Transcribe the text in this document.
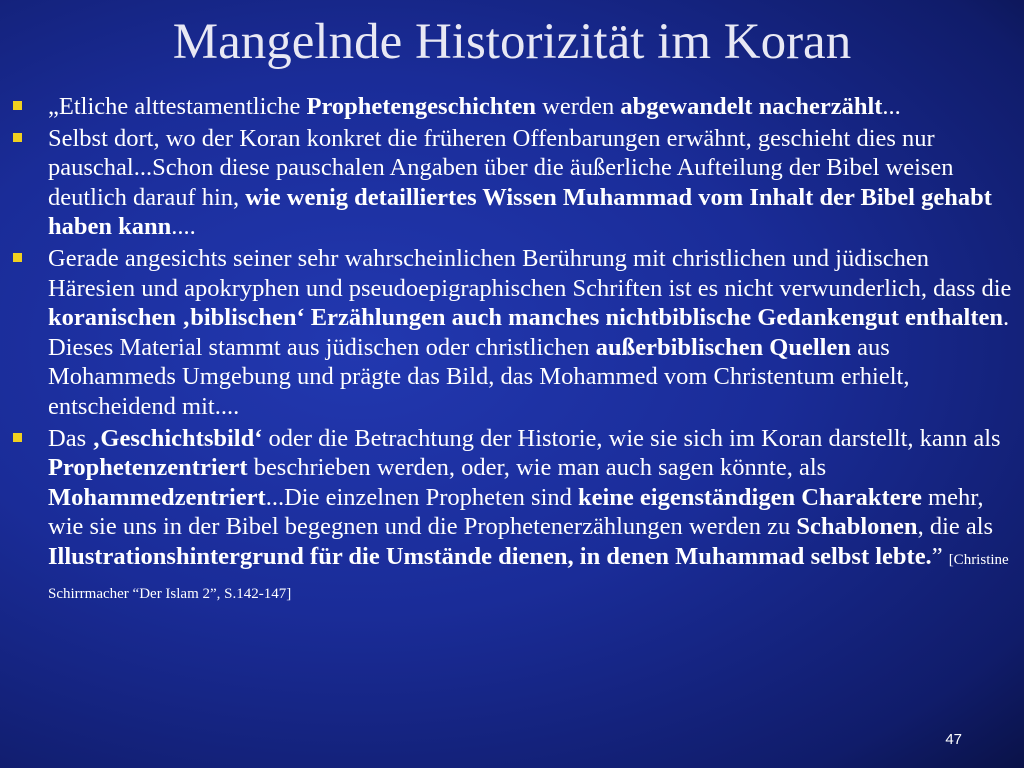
Mangelnde Historizität im Koran
„Etliche alttestamentliche Prophetengeschichten werden abgewandelt nacherzählt...
Selbst dort, wo der Koran konkret die früheren Offenbarungen erwähnt, geschieht dies nur pauschal...Schon diese pauschalen Angaben über die äußerliche Aufteilung der Bibel weisen deutlich darauf hin, wie wenig detailliertes Wissen Muhammad vom Inhalt der Bibel gehabt haben kann....
Gerade angesichts seiner sehr wahrscheinlichen Berührung mit christlichen und jüdischen Häresien und apokryphen und pseudoepigraphischen Schriften ist es nicht verwunderlich, dass die koranischen ‚biblischen‘ Erzählungen auch manches nichtbiblische Gedankengut enthalten. Dieses Material stammt aus jüdischen oder christlichen außerbiblischen Quellen aus Mohammeds Umgebung und prägte das Bild, das Mohammed vom Christentum erhielt, entscheidend mit....
Das ‚Geschichtsbild‘ oder die Betrachtung der Historie, wie sie sich im Koran darstellt, kann als Prophetenzentriert beschrieben werden, oder, wie man auch sagen könnte, als Mohammedzentriert...Die einzelnen Propheten sind keine eigenständigen Charaktere mehr, wie sie uns in der Bibel begegnen und die Prophetenerzählungen werden zu Schablonen, die als Illustrationshintergrund für die Umstände dienen, in denen Muhammad selbst lebte.” [Christine Schirrmacher “Der Islam 2”, S.142-147]
47
